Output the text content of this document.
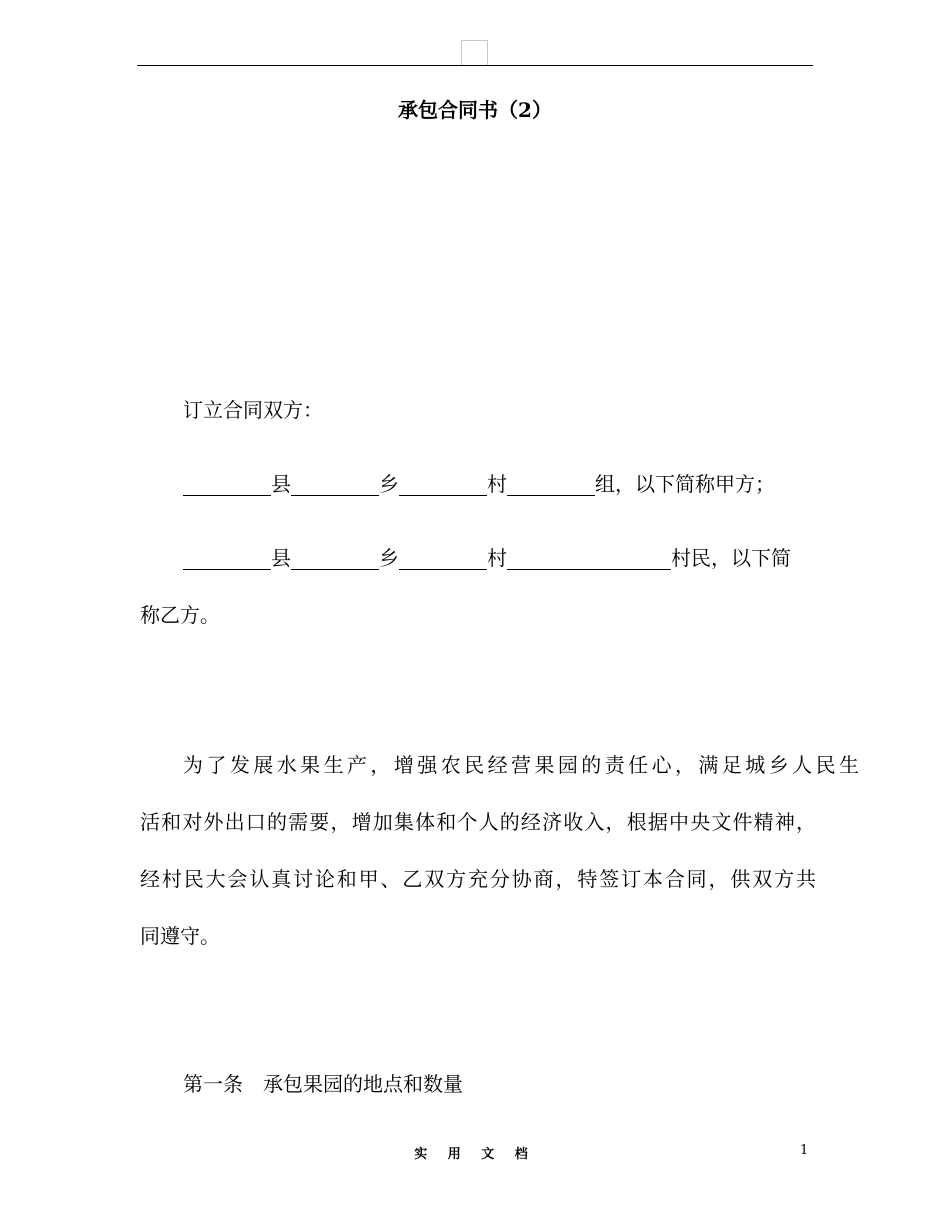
承包合同书（2）
订立合同双方：
县	乡	村	组，以下简称甲方；
县	乡	村	村民，以下简
称乙方。
为了发展水果生产，增强农民经营果园的责任心，满足城乡人民生
活和对外出口的需要，增加集体和个人的经济收入，根据中央文件精神，
经村民大会认真讨论和甲、乙双方充分协商，特签订本合同，供双方共
同遵守。
第一条　承包果园的地点和数量
实 用 文 档	1
